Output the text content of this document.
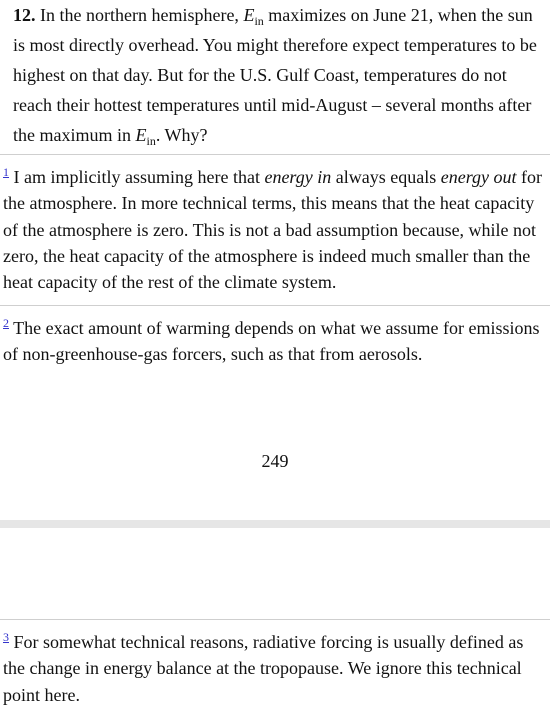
12. In the northern hemisphere, $E_{in}$ maximizes on June 21, when the sun is most directly overhead. You might therefore expect temperatures to be highest on that day. But for the U.S. Gulf Coast, temperatures do not reach their hottest temperatures until mid-August – several months after the maximum in $E_{in}$. Why?

$^1$ I am implicitly assuming here that energy in always equals energy out for the atmosphere. In more technical terms, this means that the heat capacity of the atmosphere is zero. This is not a bad assumption because, while not zero, the heat capacity of the atmosphere is indeed much smaller than the heat capacity of the rest of the climate system.

$^2$ The exact amount of warming depends on what we assume for emissions of non-greenhouse-gas forcers, such as that from aerosols.

249

$^3$ For somewhat technical reasons, radiative forcing is usually defined as the change in energy balance at the tropopause. We ignore this technical point here.
